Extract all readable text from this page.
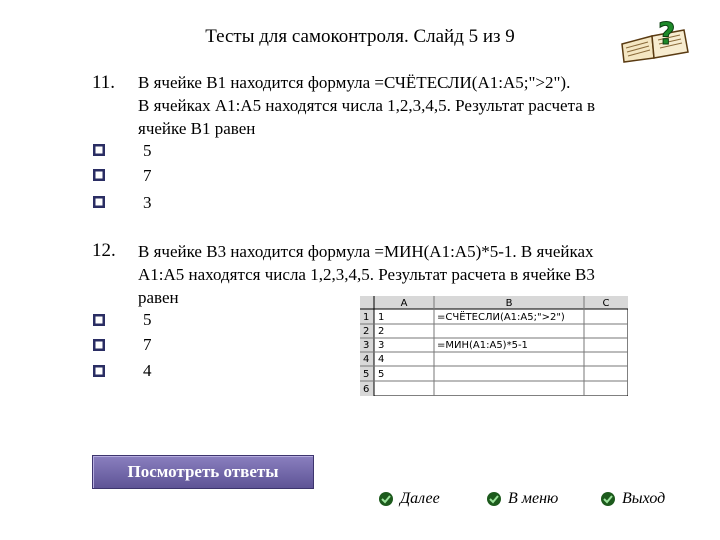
Тесты для самоконтроля. Слайд 5 из 9	?
11. В ячейке B1 находится формула =СЧЁТЕСЛИ(A1:A5;">2").
В ячейках A1:A5 находятся числа 1,2,3,4,5. Результат расчета в
ячейке B1 равен
5
7
3
12. В ячейке B3 находится формула =МИН(A1:A5)*5-1. В ячейках
A1:A5 находятся числа 1,2,3,4,5. Результат расчета в ячейке B3
равен
5
7
4
A	B	C
1 1	=СЧЁТЕСЛИ(A1:A5;">2")
2 2
3 3	=МИН(A1:A5)*5-1
4 4
5 5
6
Посмотреть ответы
Далее	В меню	Выход
